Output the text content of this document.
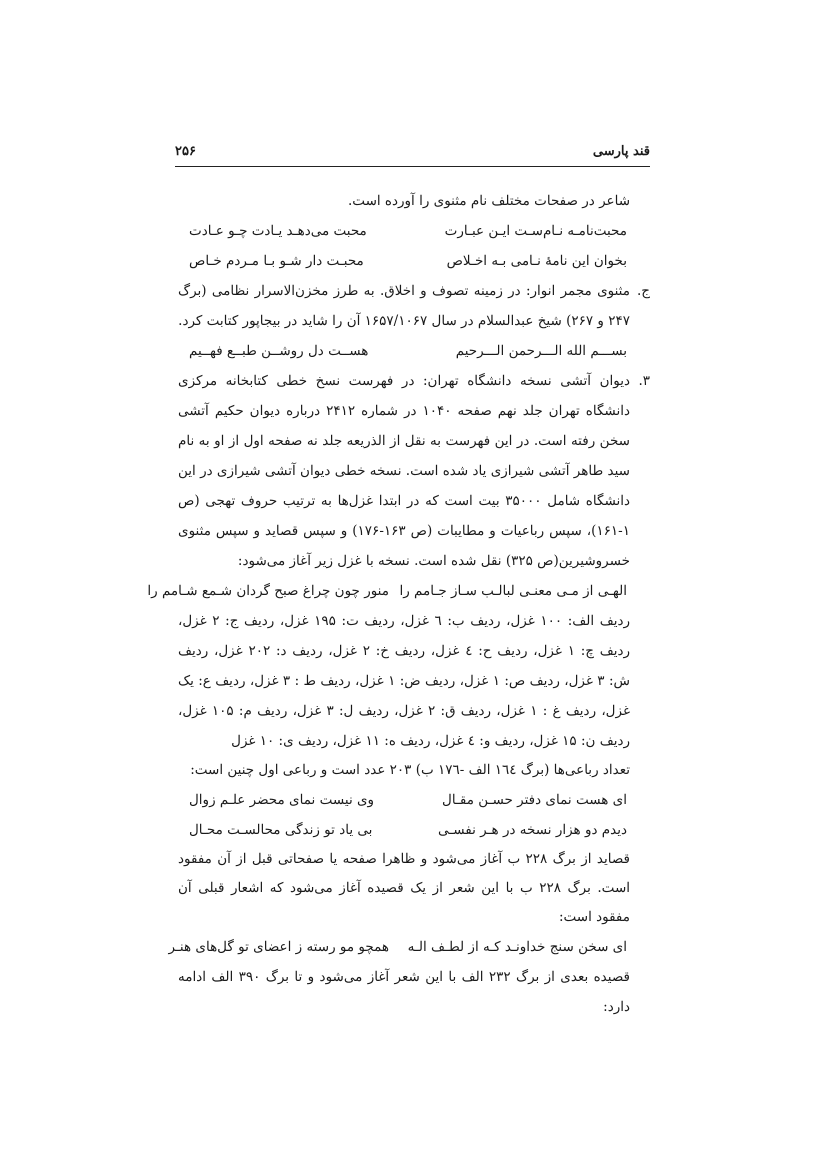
قند پارسی
۲۵۶

شاعر در صفحات مختلف نام مثنوی را آورده است.

محبت‌نامـه نـام‌سـت ایـن عبـارت
محبت می‌دهـد یـادت چـو عـادت
بخوان این نامهٔ نـامی بـه اخـلاص
محبـت دار شـو بـا مـردم خـاص
ج.

مثنوی مجمر انوار: در زمینه تصوف و اخلاق. به طرز مخزن‌الاسرار نظامی (برگ ۲۴۷ و ۲۶۷) شیخ عبدالسلام در سال ۱۶۵۷/۱۰۶۷ آن را شاید در بیجاپور کتابت کرد.

بســـم الله الـــرحمن الـــرحیم
هســت دل روشــن طبــع فهــیم
۳.

دیوان آتشی نسخه دانشگاه تهران: در فهرست نسخ خطی کتابخانه مرکزی دانشگاه تهران جلد نهم صفحه ۱۰۴۰ در شماره ۲۴۱۲ درباره دیوان حکیم آتشی سخن رفته است. در این فهرست به نقل از الذریعه جلد نه صفحه اول از او به نام سید طاهر آتشی شیرازی یاد شده است. نسخه خطی دیوان آتشی شیرازی در این دانشگاه شامل ۳۵۰۰۰ بیت است که در ابتدا غزل‌ها به ترتیب حروف تهجی (ص ۱-۱۶۱)، سپس رباعیات و مطایبات (ص ۱۶۳-۱۷۶) و سپس قصاید و سپس مثنوی خسروشیرین(ص ۳۲۵) نقل شده است. نسخه با غزل زیر آغاز می‌شود:

الهـی از مـی معنـی لبالـب سـاز جـامم را
منور چون چراغ صبح گردان شـمع شـامم را

ردیف الف: ۱۰۰ غزل، ردیف ب: ٦ غزل، ردیف ت: ۱۹۵ غزل، ردیف ج: ۲ غزل، ردیف چ: ۱ غزل، ردیف ح: ٤ غزل، ردیف خ: ۲ غزل، ردیف د: ۲۰۲ غزل، ردیف ش: ۳ غزل، ردیف ص: ۱ غزل، ردیف ض: ۱ غزل، ردیف ط : ۳ غزل، ردیف ع: یک غزل، ردیف غ : ۱ غزل، ردیف ق: ۲ غزل، ردیف ل: ۳ غزل، ردیف م: ۱۰۵ غزل، ردیف ن: ۱۵ غزل، ردیف و: ٤ غزل، ردیف ه: ۱۱ غزل، ردیف ی: ۱۰ غزل

تعداد رباعی‌ها (برگ ١٦٤ الف -١٧٦ ب) ۲۰۳ عدد است و رباعی اول چنین است:

ای هست نمای دفتر حسـن مقـال
وی نیست نمای محضر علـم زوال
دیدم دو هزار نسخه در هـر نفسـی
بی یاد تو زندگی محالسـت محـال

قصاید از برگ ۲۲۸ ب آغاز می‌شود و ظاهرا صفحه یا صفحاتی قبل از آن مفقود است. برگ ۲۲۸ ب با این شعر از یک قصیده آغاز می‌شود که اشعار قبلی آن مفقود است:

ای سخن سنج خداونـد کـه از لطـف الـه
همچو مو رسته ز اعضای تو گل‌های هنـر

قصیده بعدی از برگ ۲۳۲ الف با این شعر آغاز می‌شود و تا برگ ۳۹۰ الف ادامه دارد:
